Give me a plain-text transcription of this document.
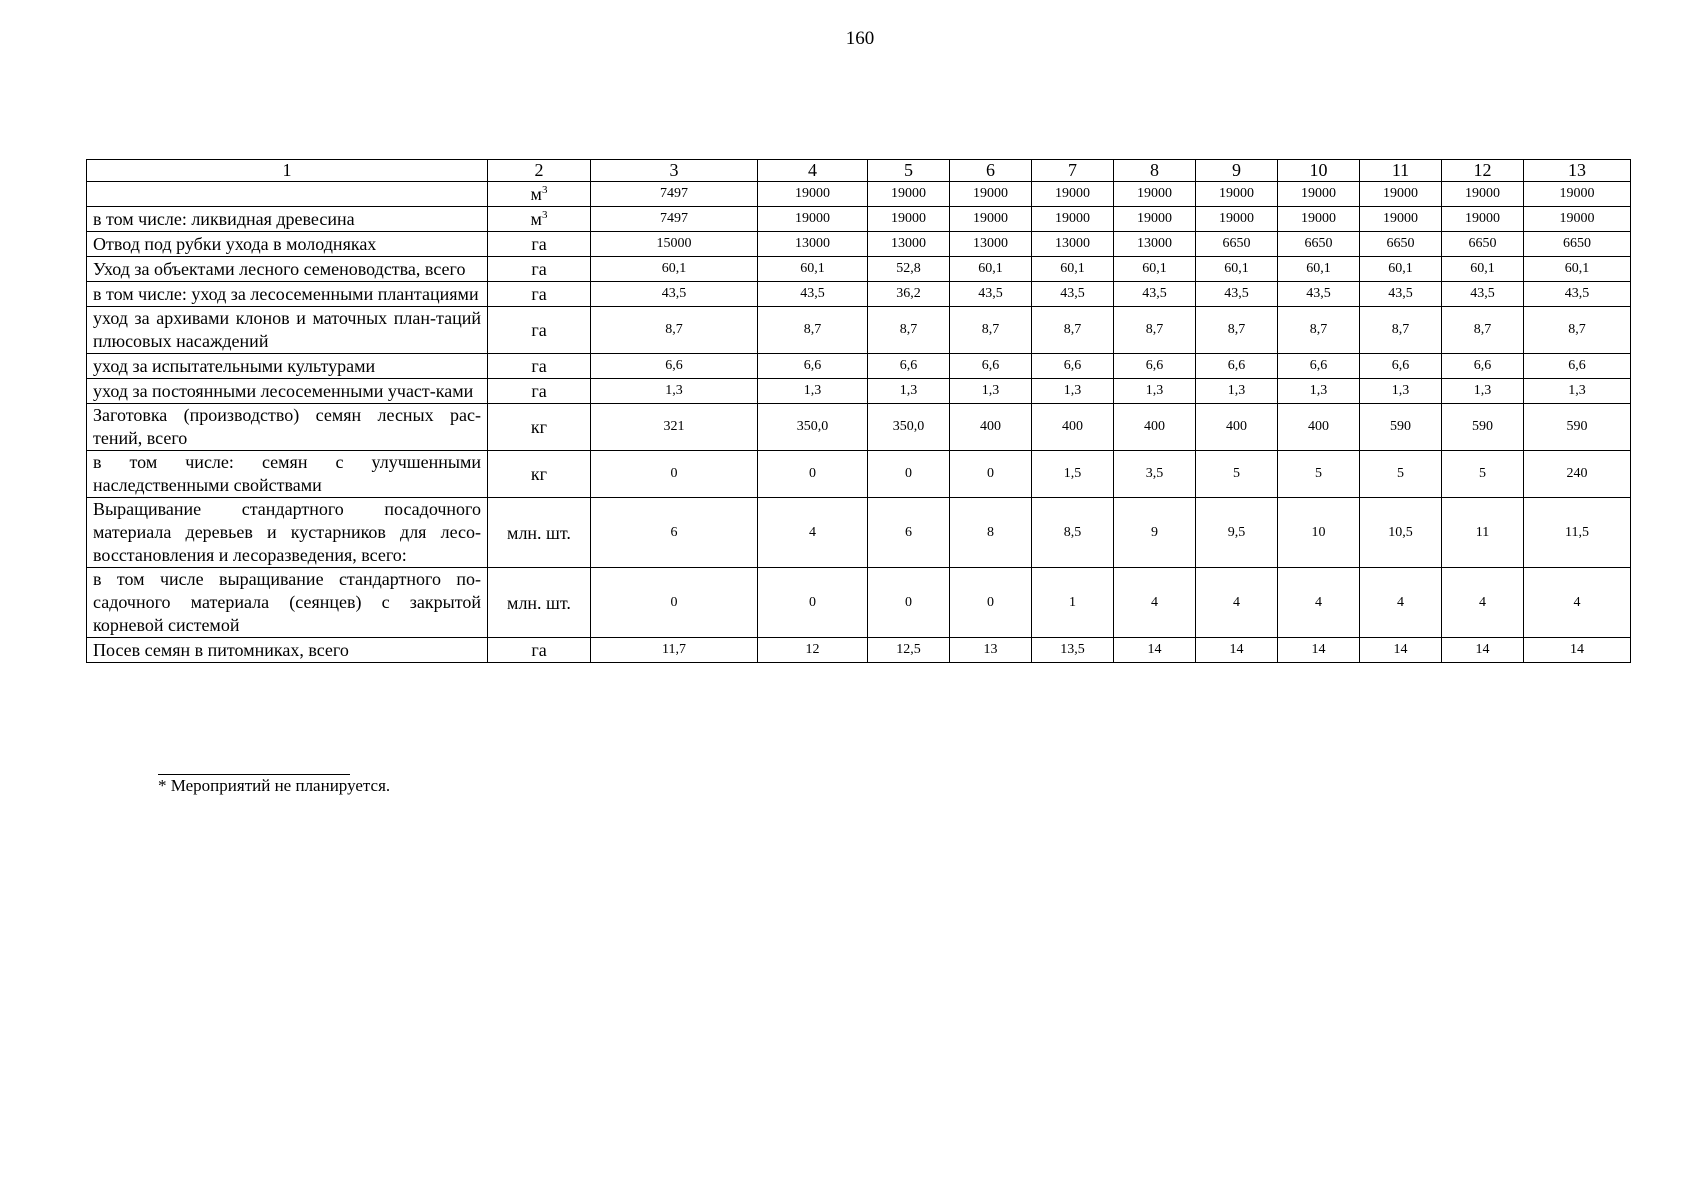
160
1	2	3	4	5	6	7	8	9	10	11	12	13
	$м^3$	7497	19000	19000	19000	19000	19000	19000	19000	19000	19000	19000
в том числе: ликвидная древесина	$м^3$	7497	19000	19000	19000	19000	19000	19000	19000	19000	19000	19000
Отвод под рубки ухода в молодняках	га	15000	13000	13000	13000	13000	13000	6650	6650	6650	6650	6650
Уход за объектами лесного семеноводства, всего	га	60,1	60,1	52,8	60,1	60,1	60,1	60,1	60,1	60,1	60,1	60,1
в том числе: уход за лесосеменными плантациями	га	43,5	43,5	36,2	43,5	43,5	43,5	43,5	43,5	43,5	43,5	43,5
уход за архивами клонов и маточных план-таций плюсовых насаждений	га	8,7	8,7	8,7	8,7	8,7	8,7	8,7	8,7	8,7	8,7	8,7
уход за испытательными культурами	га	6,6	6,6	6,6	6,6	6,6	6,6	6,6	6,6	6,6	6,6	6,6
уход за постоянными лесосеменными участ-ками	га	1,3	1,3	1,3	1,3	1,3	1,3	1,3	1,3	1,3	1,3	1,3
Заготовка (производство) семян лесных рас-тений, всего	кг	321	350,0	350,0	400	400	400	400	400	590	590	590
в том числе: семян с улучшенными наследственными свойствами	кг	0	0	0	0	1,5	3,5	5	5	5	5	240
Выращивание стандартного посадочного материала деревьев и кустарников для лесо-восстановления и лесоразведения, всего:	млн. шт.	6	4	6	8	8,5	9	9,5	10	10,5	11	11,5
в том числе выращивание стандартного по-садочного материала (сеянцев) с закрытой корневой системой	млн. шт.	0	0	0	0	1	4	4	4	4	4	4
Посев семян в питомниках, всего	га	11,7	12	12,5	13	13,5	14	14	14	14	14	14
* Мероприятий не планируется.
